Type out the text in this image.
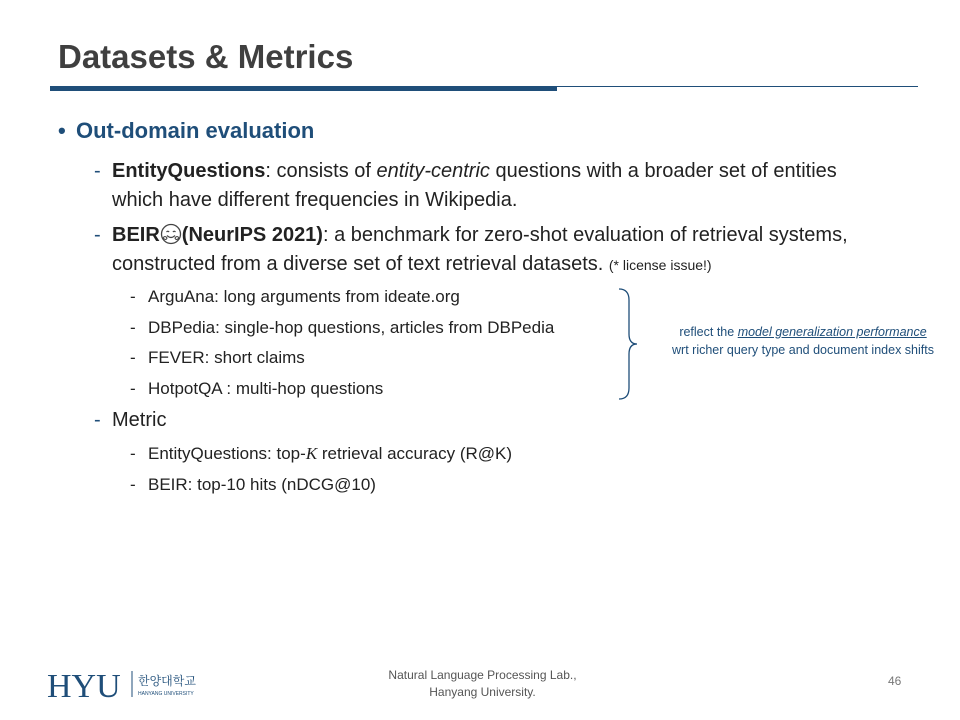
Datasets & Metrics
• Out-domain evaluation
- EntityQuestions: consists of entity-centric questions with a broader set of entities which have different frequencies in Wikipedia.
- BEIR (NeurIPS 2021): a benchmark for zero-shot evaluation of retrieval systems, constructed from a diverse set of text retrieval datasets. (* license issue!)
- ArguAna: long arguments from ideate.org
- DBPedia: single-hop questions, articles from DBPedia
- FEVER: short claims
- HotpotQA : multi-hop questions
reflect the model generalization performance
wrt richer query type and document index shifts
- Metric
- EntityQuestions: top-K retrieval accuracy (R@K)
- BEIR: top-10 hits (nDCG@10)
HYU 한양대학교
HANYANG UNIVERSITY
Natural Language Processing Lab.,
Hanyang University.
46
